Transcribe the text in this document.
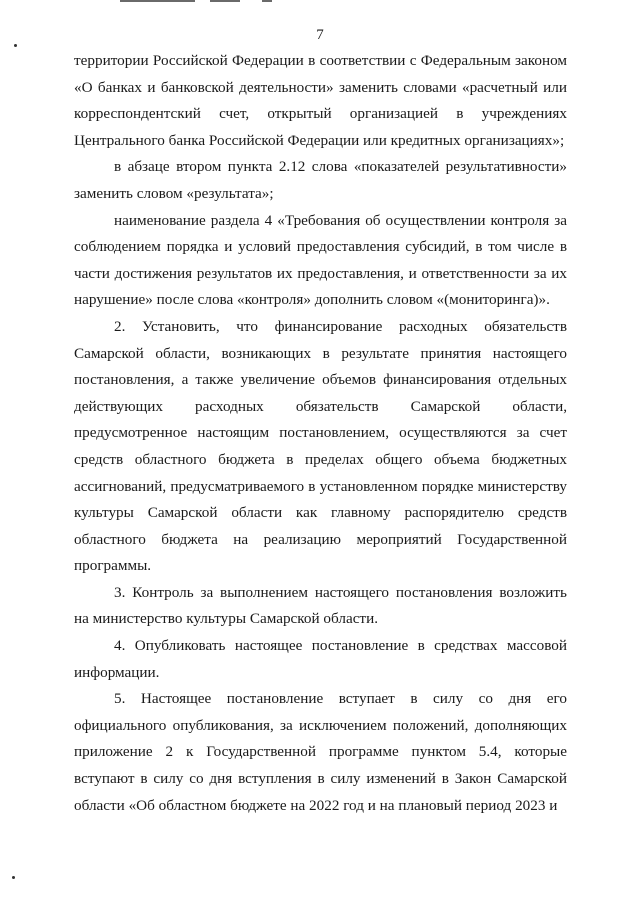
7

территории Российской Федерации в соответствии с Федеральным законом «О банках и банковской деятельности» заменить словами «расчетный или корреспондентский счет, открытый организацией в учреждениях Центрального банка Российской Федерации или кредитных организациях»;

в абзаце втором пункта 2.12 слова «показателей результативности» заменить словом «результата»;

наименование раздела 4 «Требования об осуществлении контроля за соблюдением порядка и условий предоставления субсидий, в том числе в части достижения результатов их предоставления, и ответственности за их нарушение» после слова «контроля» дополнить словом «(мониторинга)».

2. Установить, что финансирование расходных обязательств Самарской области, возникающих в результате принятия настоящего постановления, а также увеличение объемов финансирования отдельных действующих расходных обязательств Самарской области, предусмотренное настоящим постановлением, осуществляются за счет средств областного бюджета в пределах общего объема бюджетных ассигнований, предусматриваемого в установленном порядке министерству культуры Самарской области как главному распорядителю средств областного бюджета на реализацию мероприятий Государственной программы.

3. Контроль за выполнением настоящего постановления возложить на министерство культуры Самарской области.

4. Опубликовать настоящее постановление в средствах массовой информации.

5. Настоящее постановление вступает в силу со дня его официального опубликования, за исключением положений, дополняющих приложение 2 к Государственной программе пунктом 5.4, которые вступают в силу со дня вступления в силу изменений в Закон Самарской области «Об областном бюджете на 2022 год и на плановый период 2023 и
